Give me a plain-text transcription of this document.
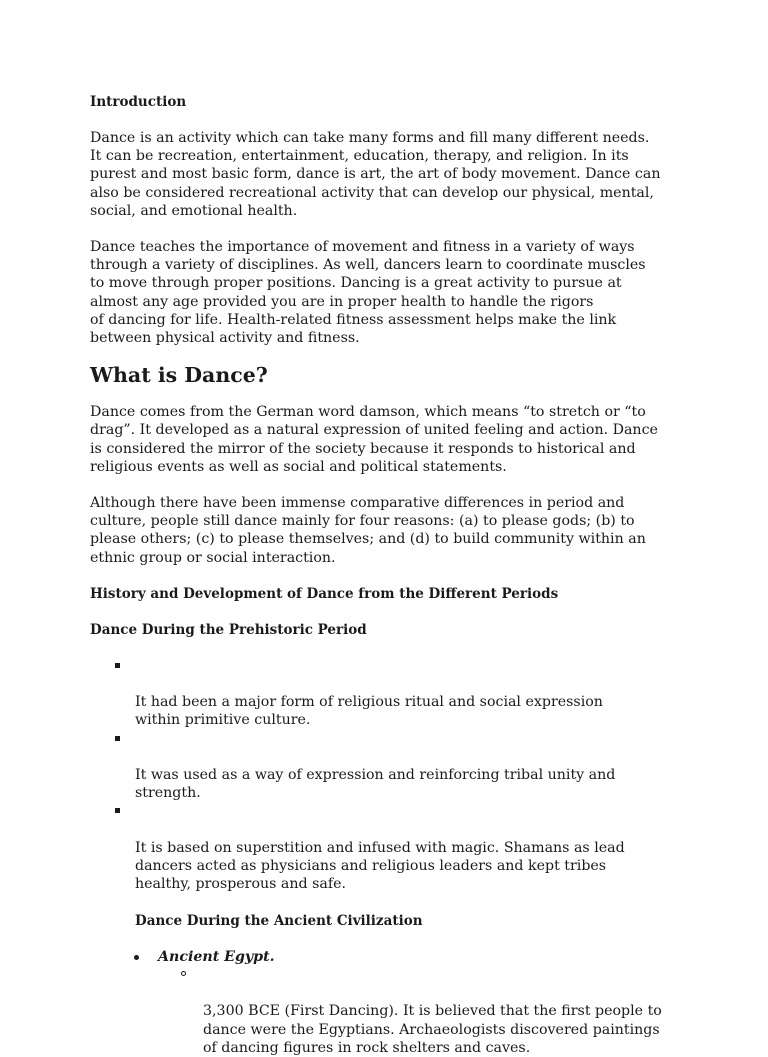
Introduction

Dance is an activity which can take many forms and fill many different needs.
It can be recreation, entertainment, education, therapy, and religion. In its
purest and most basic form, dance is art, the art of body movement. Dance can
also be considered recreational activity that can develop our physical, mental,
social, and emotional health.

Dance teaches the importance of movement and fitness in a variety of ways
through a variety of disciplines. As well, dancers learn to coordinate muscles
to move through proper positions. Dancing is a great activity to pursue at
almost any age provided you are in proper health to handle the rigors
of dancing for life. Health-related fitness assessment helps make the link
between physical activity and fitness.

What is Dance?

Dance comes from the German word damson, which means “to stretch or “to
drag”. It developed as a natural expression of united feeling and action. Dance
is considered the mirror of the society because it responds to historical and
religious events as well as social and political statements.

Although there have been immense comparative differences in period and
culture, people still dance mainly for four reasons: (a) to please gods; (b) to
please others; (c) to please themselves; and (d) to build community within an
ethnic group or social interaction.

History and Development of Dance from the Different Periods

Dance During the Prehistoric Period

It had been a major form of religious ritual and social expression
within primitive culture.

It was used as a way of expression and reinforcing tribal unity and
strength.

It is based on superstition and infused with magic. Shamans as lead
dancers acted as physicians and religious leaders and kept tribes
healthy, prosperous and safe.

Dance During the Ancient Civilization

Ancient Egypt.

3,300 BCE (First Dancing). It is believed that the first people to
dance were the Egyptians. Archaeologists discovered paintings
of dancing figures in rock shelters and caves.
